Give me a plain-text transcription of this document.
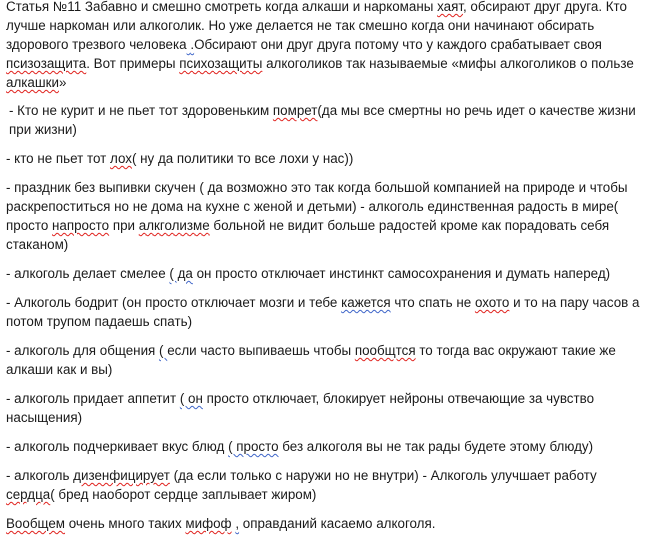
Статья №11 Забавно и смешно смотреть когда алкаши и наркоманы хаят, обсирают друг друга. Кто лучше наркоман или алкоголик. Но уже делается не так смешно когда они начинают обсирать здорового трезвого человека .Обсирают они друг друга потому что у каждого срабатывает своя псизозащита. Вот примеры психозащиты алкоголиков так называемые «мифы алкоголиков о пользе алкашки»

- Кто не курит и не пьет тот здоровеньким помрет(да мы все смертны но речь идет о качестве жизни при жизни)

- кто не пьет тот лох( ну да политики то все лохи у нас))

- праздник без выпивки скучен ( да возможно это так когда большой компанией на природе и чтобы раскрепоститься но не дома на кухне с женой и детьми) - алкоголь единственная радость в мире( просто напросто при алкголизме больной не видит больше радостей кроме как порадовать себя стаканом)

- алкоголь делает смелее ( да он просто отключает инстинкт самосохранения и думать наперед)

- Алкоголь бодрит (он просто отключает мозги и тебе кажется что спать не охото и то на пару часов а потом трупом падаешь спать)

- алкоголь для общения ( если часто выпиваешь чтобы пообщтся то тогда вас окружают такие же алкаши как и вы)

- алкоголь придает аппетит ( он просто отключает, блокирует нейроны отвечающие за чувство насыщения)

- алкоголь подчеркивает вкус блюд ( просто без алкоголя вы не так рады будете этому блюду)

- алкоголь дизенфицирует (да если только с наружи но не внутри) - Алкоголь улучшает работу сердца( бред наоборот сердце заплывает жиром)

Вообщем очень много таких мифоф , оправданий касаемо алкоголя.
